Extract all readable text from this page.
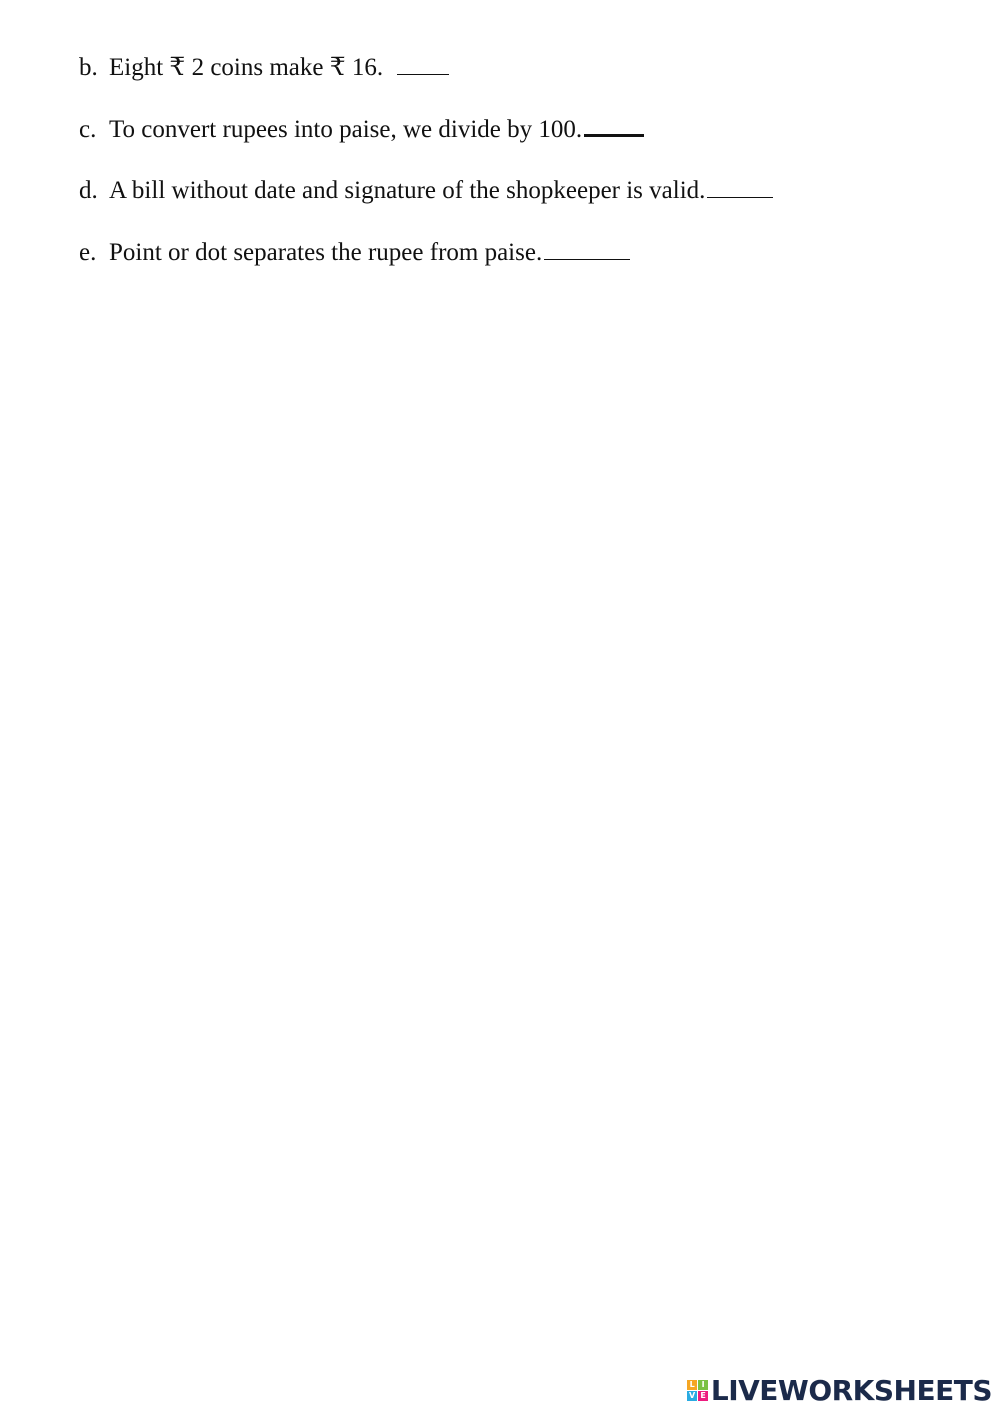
b. Eight ₹ 2 coins make ₹ 16.
c. To convert rupees into paise, we divide by 100.
d. A bill without date and signature of the shopkeeper is valid.
e. Point or dot separates the rupee from paise.
L I
V E LIVEWORKSHEETS
